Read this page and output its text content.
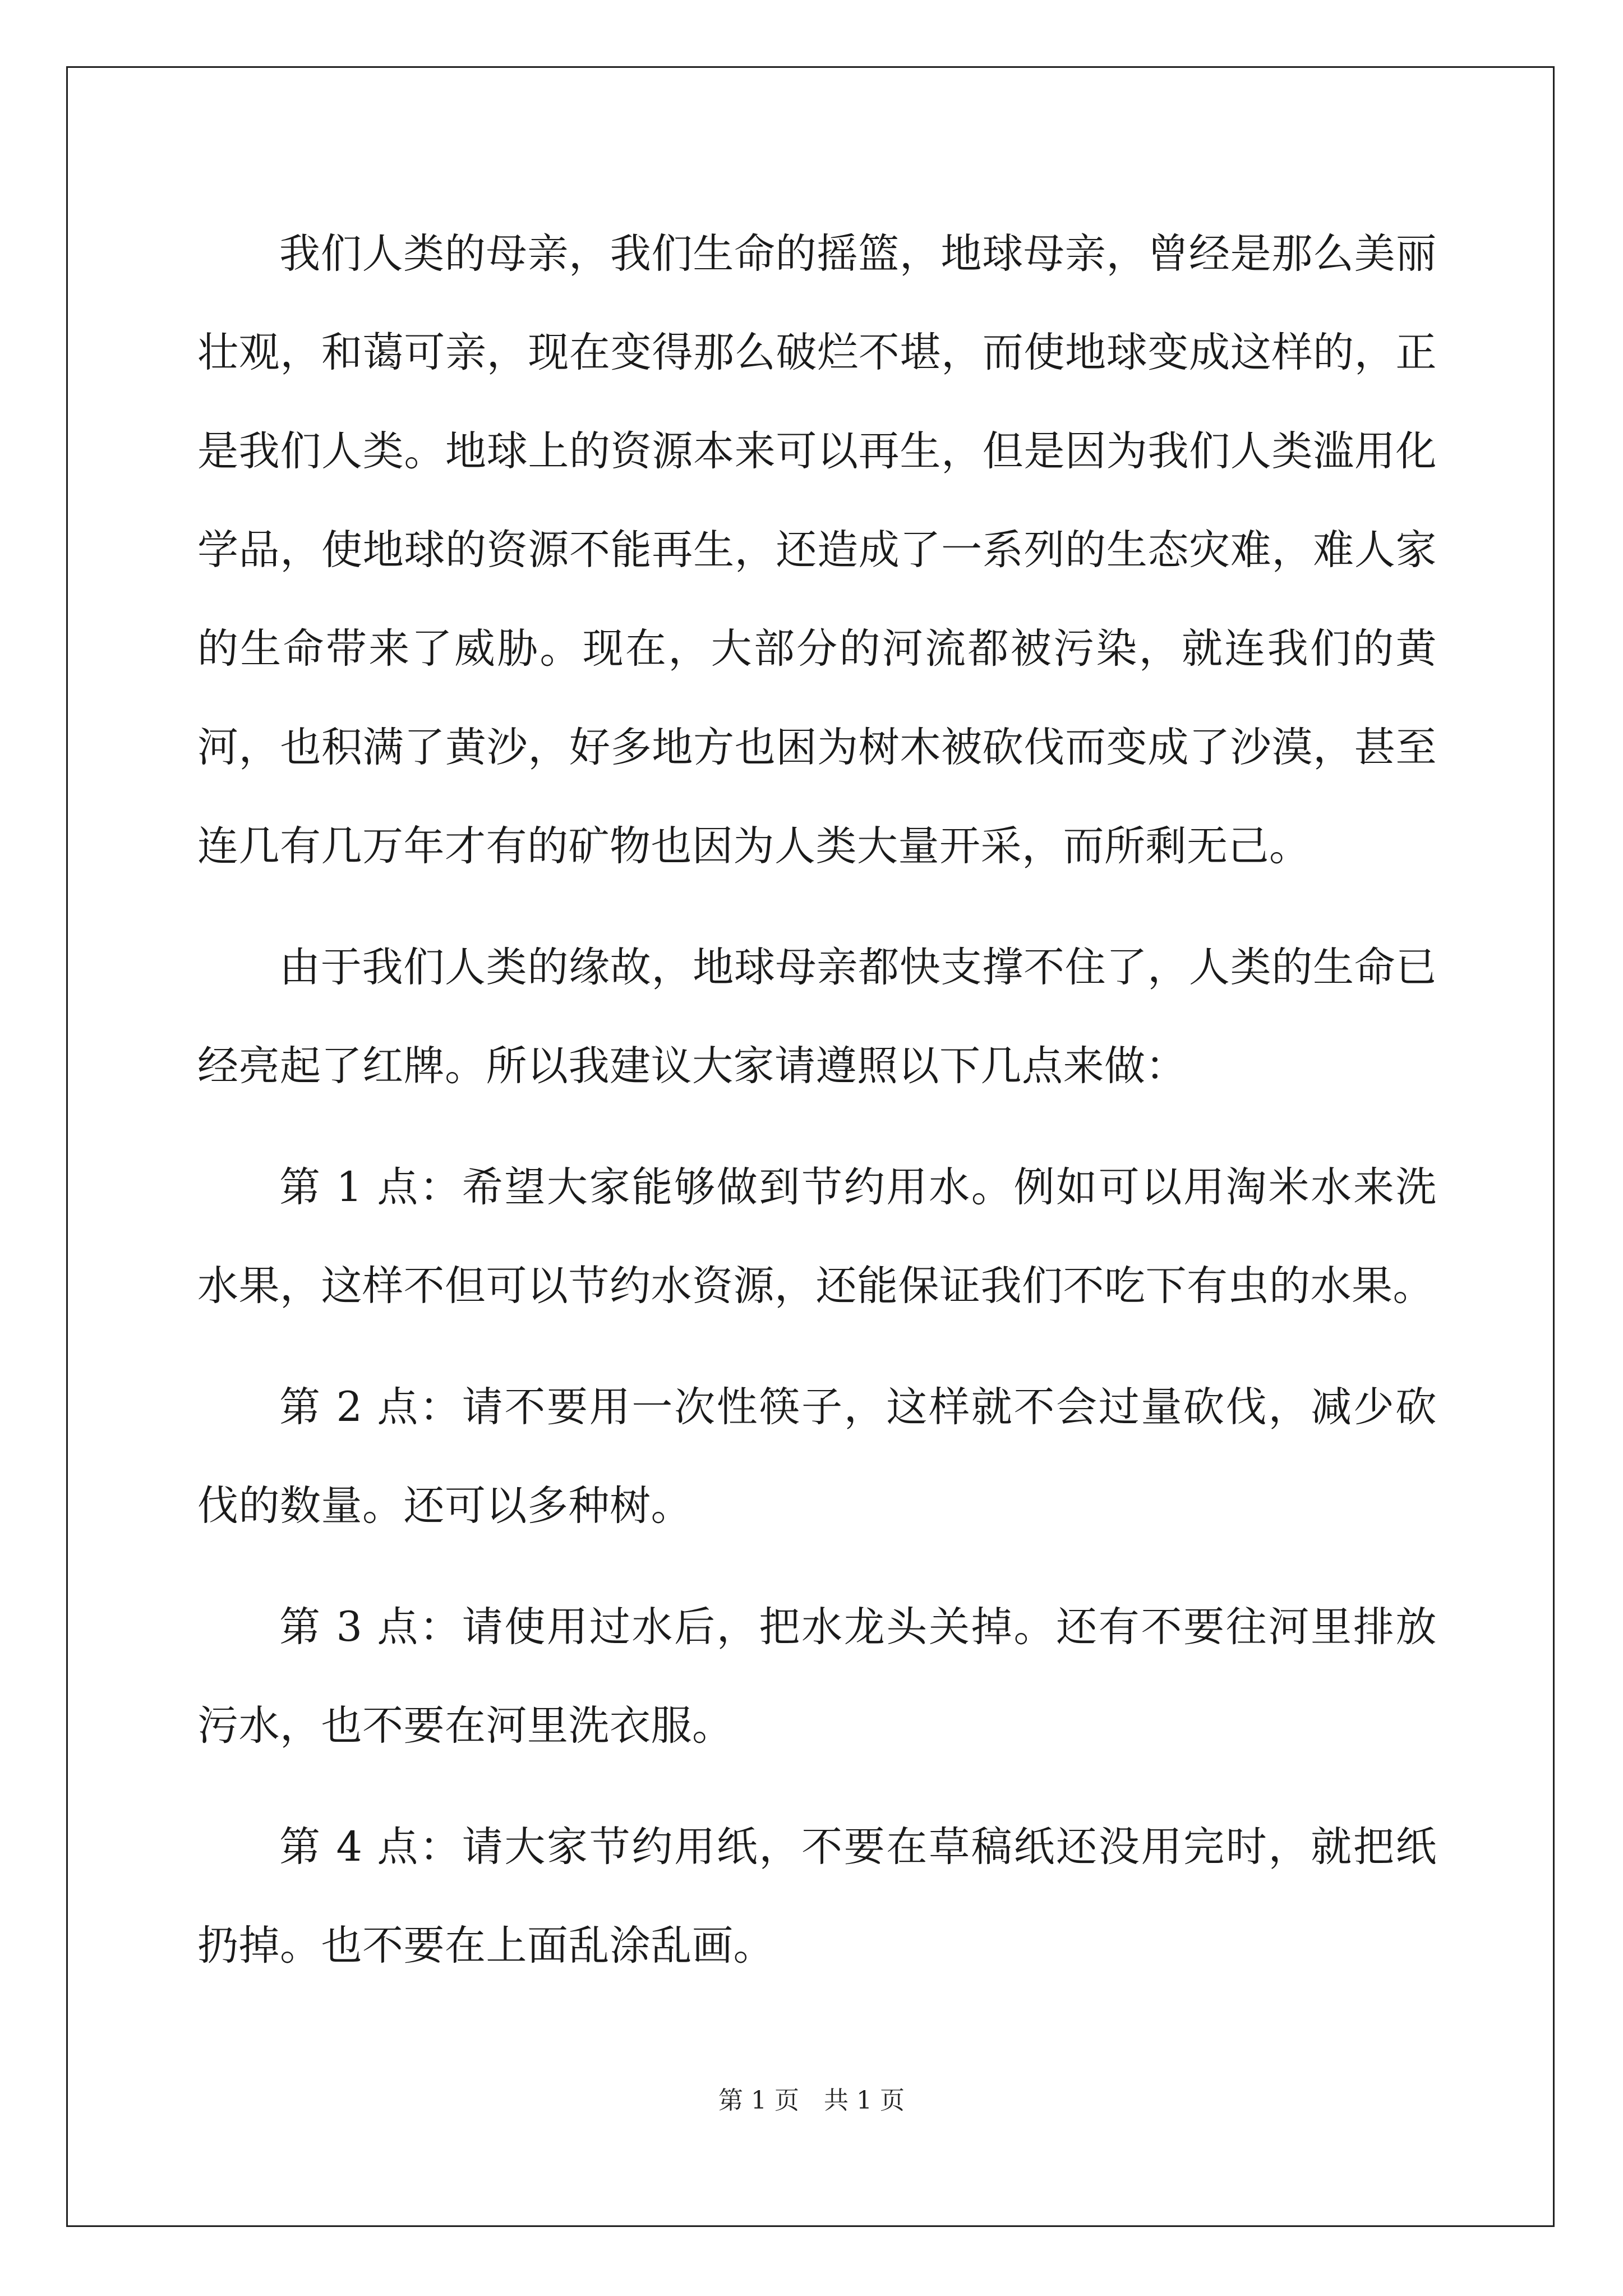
我们人类的母亲，我们生命的摇篮，地球母亲，曾经是那么美丽壮观，和蔼可亲，现在变得那么破烂不堪，而使地球变成这样的，正是我们人类。地球上的资源本来可以再生，但是因为我们人类滥用化学品，使地球的资源不能再生，还造成了一系列的生态灾难，难人家的生命带来了威胁。现在，大部分的河流都被污染，就连我们的黄河，也积满了黄沙，好多地方也困为树木被砍伐而变成了沙漠，甚至连几有几万年才有的矿物也因为人类大量开采，而所剩无己。

由于我们人类的缘故，地球母亲都快支撑不住了，人类的生命已经亮起了红牌。所以我建议大家请遵照以下几点来做：

第 1 点：希望大家能够做到节约用水。例如可以用淘米水来洗水果，这样不但可以节约水资源，还能保证我们不吃下有虫的水果。

第 2 点：请不要用一次性筷子，这样就不会过量砍伐，减少砍伐的数量。还可以多种树。

第 3 点：请使用过水后，把水龙头关掉。还有不要往河里排放污水，也不要在河里洗衣服。

第 4 点：请大家节约用纸，不要在草稿纸还没用完时，就把纸扔掉。也不要在上面乱涂乱画。

第 1 页　共 1 页
